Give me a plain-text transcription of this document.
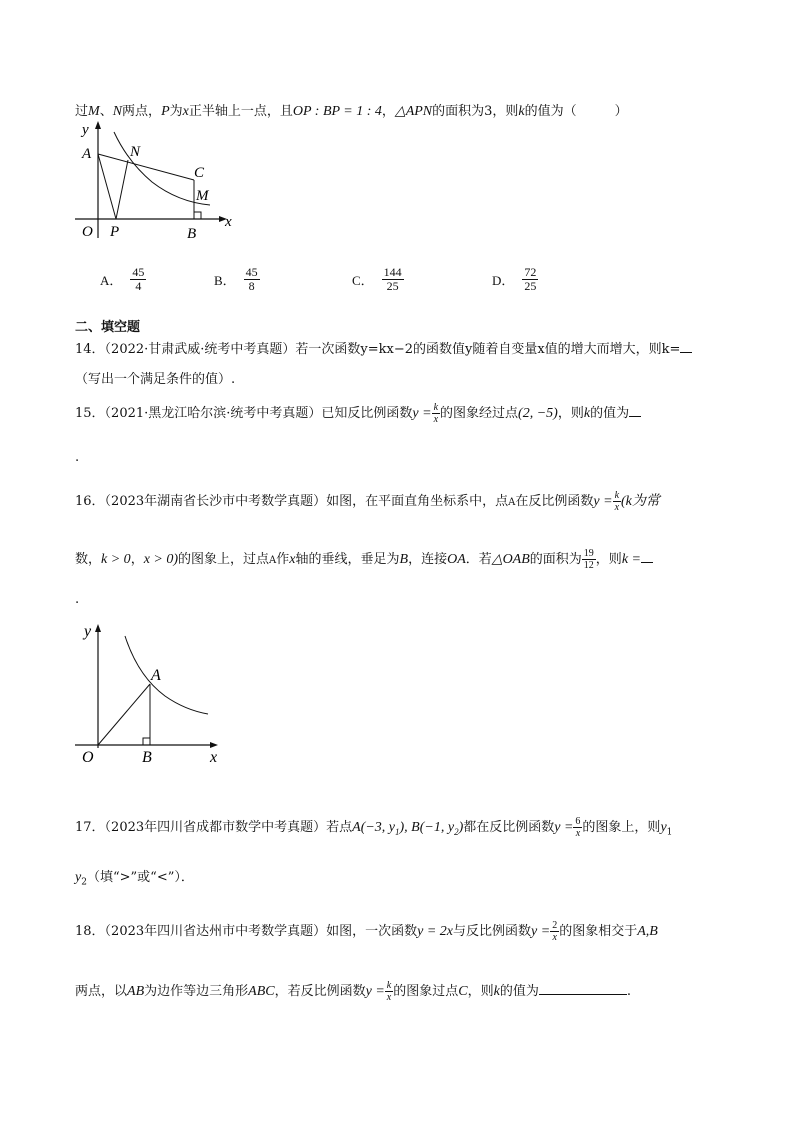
过M、N两点，P为x正半轴上一点，且OP : BP = 1 : 4，△APN的面积为3，则k的值为（	）
y
A	N
C
M
O P	B
x
A． $\frac{45}{4}$	B． $\frac{45}{8}$	C． $\frac{144}{25}$	D． $\frac{72}{25}$
二、填空题
14．（2022·甘肃武威·统考中考真题）若一次函数y=kx−2的函数值y随着自变量x值的增大而增大，则k=
（写出一个满足条件的值）.
15．（2021·黑龙江哈尔滨·统考中考真题）已知反比例函数$y = \frac{k}{x}$ 的图象经过点(2, −5)，则k的值为
.
16．（2023年湖南省长沙市中考数学真题）如图，在平面直角坐标系中，点A在反比例函数$y = \frac{k}{x} (k$为常
数，k > 0，x > 0)的图象上，过点A作x轴的垂线，垂足为B，连接OA．若△OAB的面积为 $\frac{19}{12}$ ，则k =
.
y
A
O	B	x
17．（2023年四川省成都市数学中考真题）若点A(−3, $y_1$), B(−1, $y_2$)都在反比例函数$y = \frac{6}{x}$ 的图象上，则$y_1$
$y_2$（填“>”或“<”）．
18．（2023年四川省达州市中考数学真题）如图，一次函数y = 2x与反比例函数$y = \frac{2}{x}$ 的图象相交于A,B
两点，以AB为边作等边三角形ABC，若反比例函数$y = \frac{k}{x}$ 的图象过点C，则k的值为	.
